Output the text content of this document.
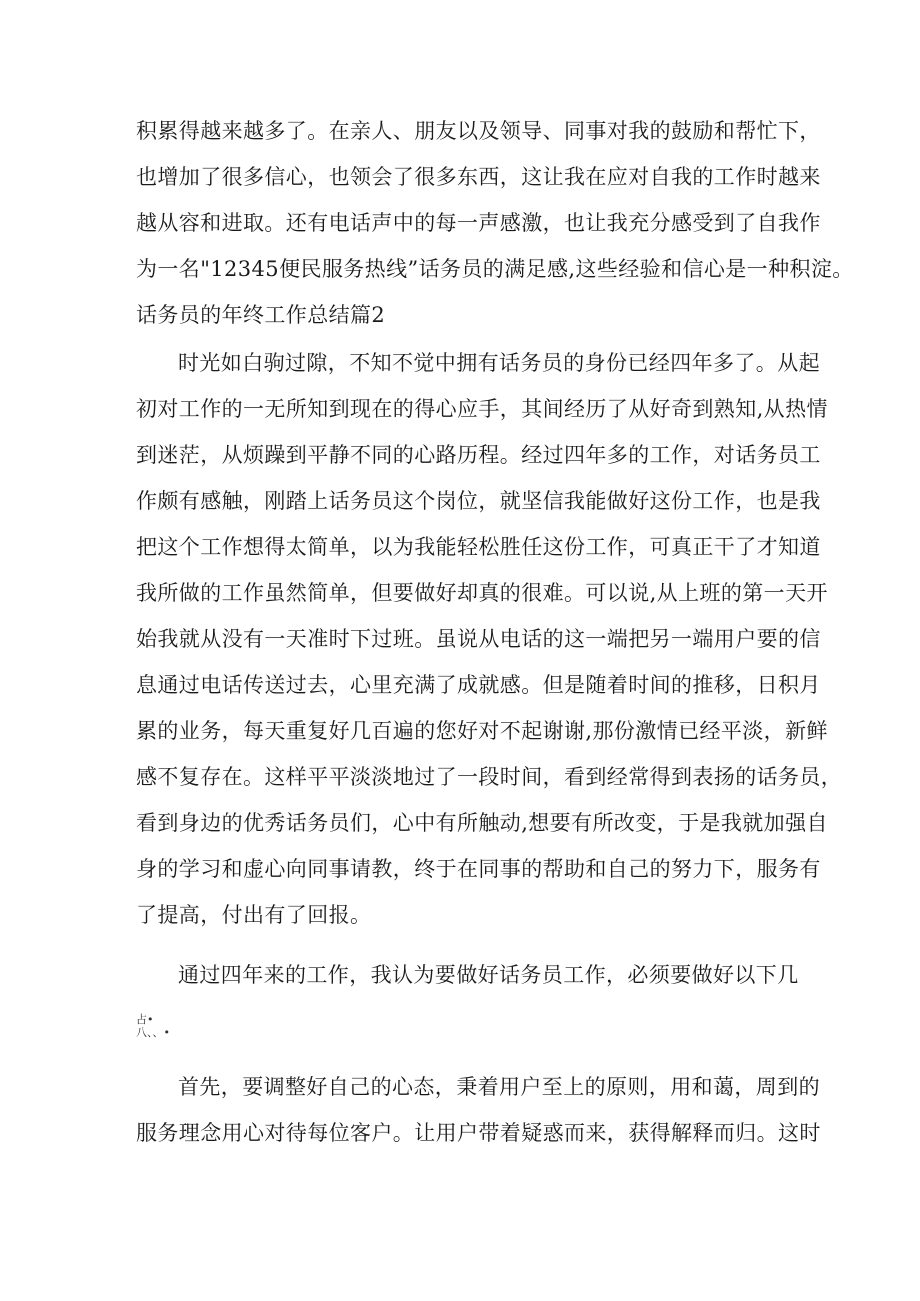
积累得越来越多了。在亲人、朋友以及领导、同事对我的鼓励和帮忙下，
也增加了很多信心，也领会了很多东西，这让我在应对自我的工作时越来
越从容和进取。还有电话声中的每一声感激，也让我充分感受到了自我作
为一名"12345便民服务热线”话务员的满足感,这些经验和信心是一种积淀。
话务员的年终工作总结篇2
时光如白驹过隙，不知不觉中拥有话务员的身份已经四年多了。从起
初对工作的一无所知到现在的得心应手，其间经历了从好奇到熟知,从热情
到迷茫，从烦躁到平静不同的心路历程。经过四年多的工作，对话务员工
作颇有感触，刚踏上话务员这个岗位，就坚信我能做好这份工作，也是我
把这个工作想得太简单，以为我能轻松胜任这份工作，可真正干了才知道
我所做的工作虽然简单，但要做好却真的很难。可以说,从上班的第一天开
始我就从没有一天准时下过班。虽说从电话的这一端把另一端用户要的信
息通过电话传送过去，心里充满了成就感。但是随着时间的推移，日积月
累的业务，每天重复好几百遍的您好对不起谢谢,那份激情已经平淡，新鲜
感不复存在。这样平平淡淡地过了一段时间，看到经常得到表扬的话务员，
看到身边的优秀话务员们，心中有所触动,想要有所改变，于是我就加强自
身的学习和虚心向同事请教，终于在同事的帮助和自己的努力下，服务有
了提高，付出有了回报。
通过四年来的工作，我认为要做好话务员工作，必须要做好以下几
占•
八、、•
首先，要调整好自己的心态，秉着用户至上的原则，用和蔼，周到的
服务理念用心对待每位客户。让用户带着疑惑而来，获得解释而归。这时
